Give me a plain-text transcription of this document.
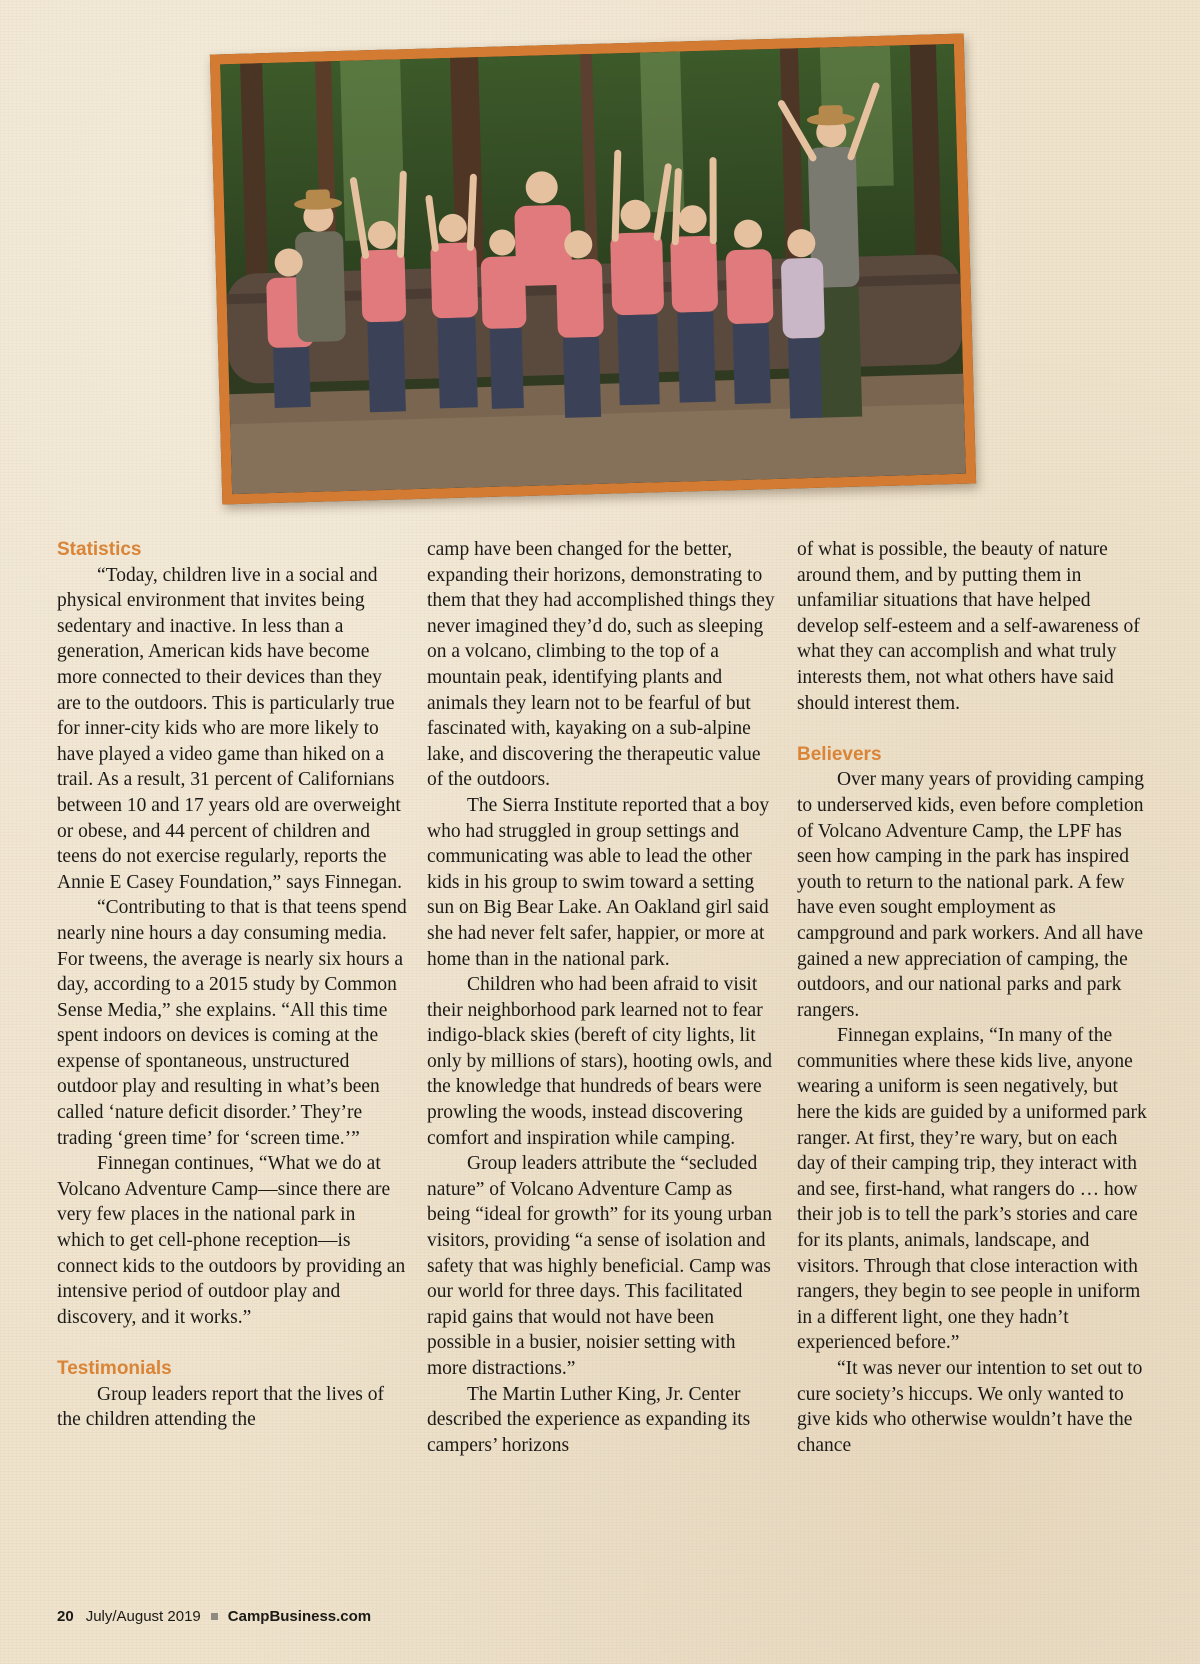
Statistics

“Today, children live in a social and physical environment that invites being sedentary and inactive. In less than a generation, American kids have become more connected to their devices than they are to the outdoors. This is particularly true for inner-city kids who are more likely to have played a video game than hiked on a trail. As a result, 31 percent of Californians between 10 and 17 years old are overweight or obese, and 44 percent of children and teens do not exercise regularly, reports the Annie E Casey Foundation,” says Finnegan.

“Contributing to that is that teens spend nearly nine hours a day consuming media. For tweens, the average is nearly six hours a day, according to a 2015 study by Common Sense Media,” she explains. “All this time spent indoors on devices is coming at the expense of spontaneous, unstructured outdoor play and resulting in what’s been called ‘nature deficit disorder.’ They’re trading ‘green time’ for ‘screen time.’”

Finnegan continues, “What we do at Volcano Adventure Camp—since there are very few places in the national park in which to get cell-phone reception—is connect kids to the outdoors by providing an intensive period of outdoor play and discovery, and it works.”

Testimonials

Group leaders report that the lives of the children attending the

camp have been changed for the better, expanding their horizons, demonstrating to them that they had accomplished things they never imagined they’d do, such as sleeping on a volcano, climbing to the top of a mountain peak, identifying plants and animals they learn not to be fearful of but fascinated with, kayaking on a sub-alpine lake, and discovering the therapeutic value of the outdoors.

The Sierra Institute reported that a boy who had struggled in group settings and communicating was able to lead the other kids in his group to swim toward a setting sun on Big Bear Lake. An Oakland girl said she had never felt safer, happier, or more at home than in the national park.

Children who had been afraid to visit their neighborhood park learned not to fear indigo-black skies (bereft of city lights, lit only by millions of stars), hooting owls, and the knowledge that hundreds of bears were prowling the woods, instead discovering comfort and inspiration while camping.

Group leaders attribute the “secluded nature” of Volcano Adventure Camp as being “ideal for growth” for its young urban visitors, providing “a sense of isolation and safety that was highly beneficial. Camp was our world for three days. This facilitated rapid gains that would not have been possible in a busier, noisier setting with more distractions.”

The Martin Luther King, Jr. Center described the experience as expanding its campers’ horizons

of what is possible, the beauty of nature around them, and by putting them in unfamiliar situations that have helped develop self-esteem and a self-awareness of what they can accomplish and what truly interests them, not what others have said should interest them.

Believers

Over many years of providing camping to underserved kids, even before completion of Volcano Adventure Camp, the LPF has seen how camping in the park has inspired youth to return to the national park. A few have even sought employment as campground and park workers. And all have gained a new appreciation of camping, the outdoors, and our national parks and park rangers.

Finnegan explains, “In many of the communities where these kids live, anyone wearing a uniform is seen negatively, but here the kids are guided by a uniformed park ranger. At first, they’re wary, but on each day of their camping trip, they interact with and see, first-hand, what rangers do … how their job is to tell the park’s stories and care for its plants, animals, landscape, and visitors. Through that close interaction with rangers, they begin to see people in uniform in a different light, one they hadn’t experienced before.”

“It was never our intention to set out to cure society’s hiccups. We only wanted to give kids who otherwise wouldn’t have the chance

20 July/August 2019 CampBusiness.com
